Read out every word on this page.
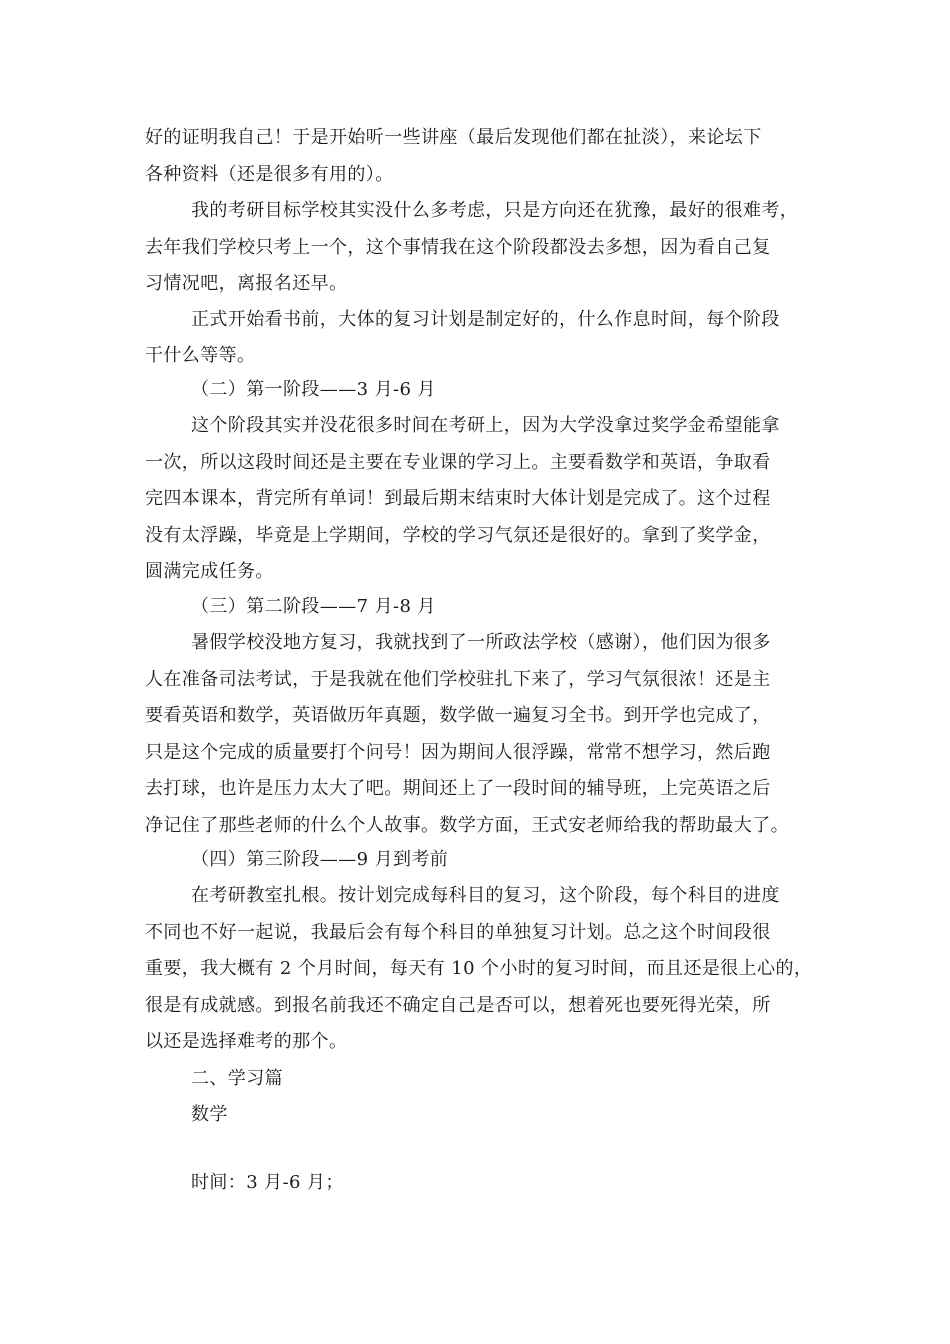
好的证明我自己！于是开始听一些讲座（最后发现他们都在扯淡），来论坛下
各种资料（还是很多有用的）。
我的考研目标学校其实没什么多考虑，只是方向还在犹豫，最好的很难考，
去年我们学校只考上一个，这个事情我在这个阶段都没去多想，因为看自己复
习情况吧，离报名还早。
正式开始看书前，大体的复习计划是制定好的，什么作息时间，每个阶段
干什么等等。
（二）第一阶段——3 月-6 月
这个阶段其实并没花很多时间在考研上，因为大学没拿过奖学金希望能拿
一次，所以这段时间还是主要在专业课的学习上。主要看数学和英语，争取看
完四本课本，背完所有单词！到最后期末结束时大体计划是完成了。这个过程
没有太浮躁，毕竟是上学期间，学校的学习气氛还是很好的。拿到了奖学金，
圆满完成任务。
（三）第二阶段——7 月-8 月
暑假学校没地方复习，我就找到了一所政法学校（感谢），他们因为很多
人在准备司法考试，于是我就在他们学校驻扎下来了，学习气氛很浓！还是主
要看英语和数学，英语做历年真题，数学做一遍复习全书。到开学也完成了，
只是这个完成的质量要打个问号！因为期间人很浮躁，常常不想学习，然后跑
去打球，也许是压力太大了吧。期间还上了一段时间的辅导班，上完英语之后
净记住了那些老师的什么个人故事。数学方面，王式安老师给我的帮助最大了。
（四）第三阶段——9 月到考前
在考研教室扎根。按计划完成每科目的复习，这个阶段，每个科目的进度
不同也不好一起说，我最后会有每个科目的单独复习计划。总之这个时间段很
重要，我大概有 2 个月时间，每天有 10 个小时的复习时间，而且还是很上心的，
很是有成就感。到报名前我还不确定自己是否可以，想着死也要死得光荣，所
以还是选择难考的那个。
二、学习篇
数学
时间：3 月-6 月；
